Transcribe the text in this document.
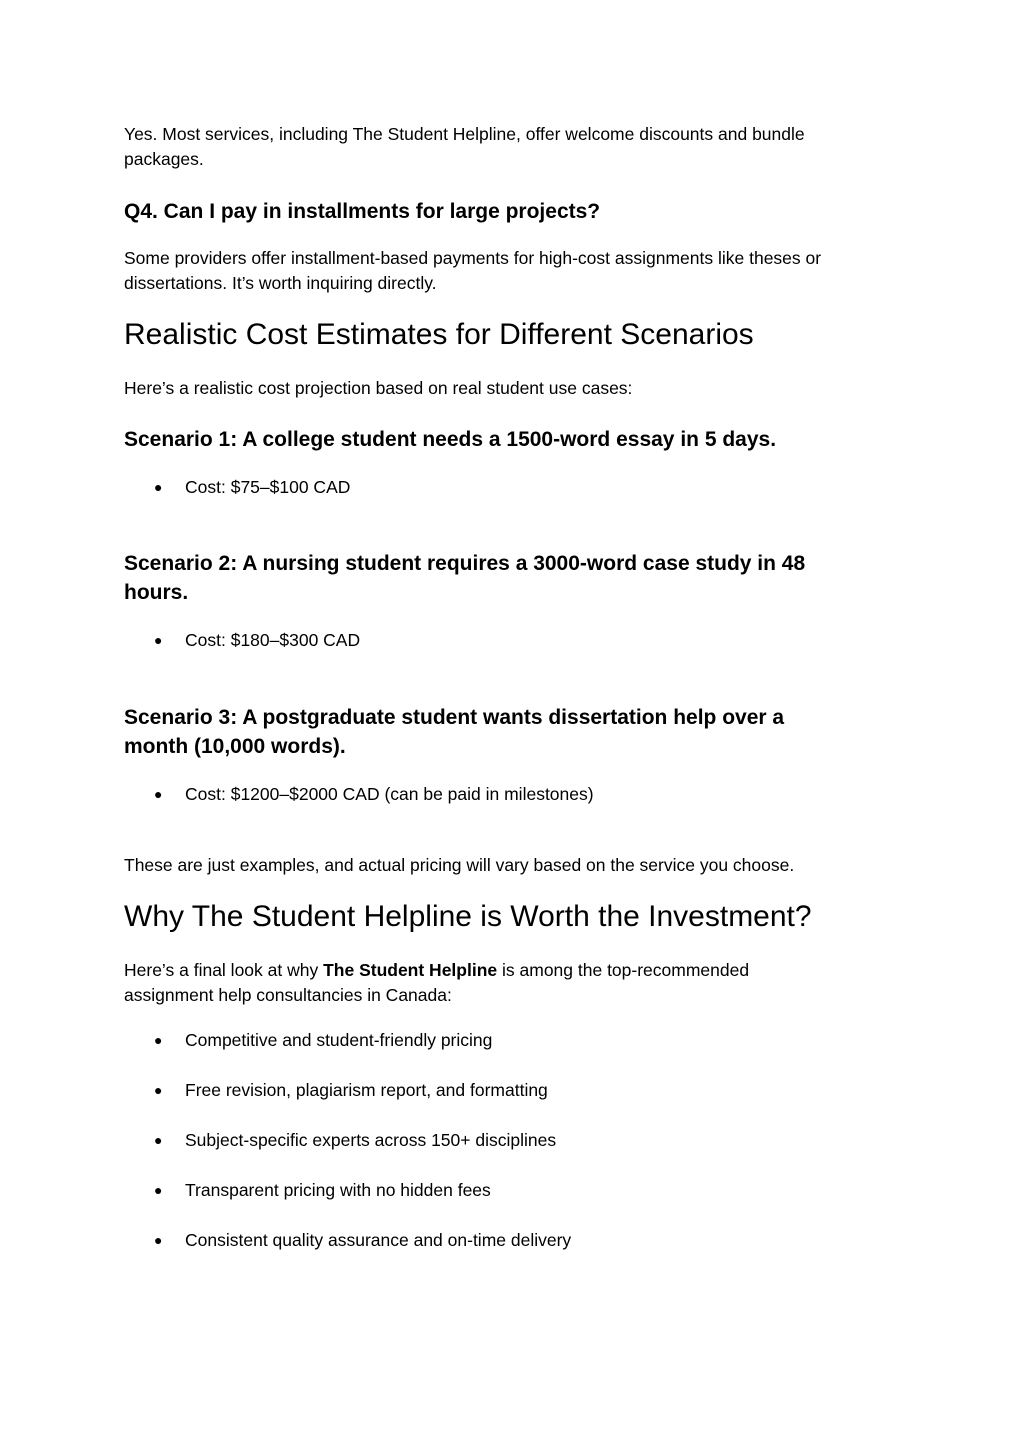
Yes. Most services, including The Student Helpline, offer welcome discounts and bundle

packages.

Q4. Can I pay in installments for large projects?

Some providers offer installment-based payments for high-cost assignments like theses or

dissertations. It’s worth inquiring directly.

Realistic Cost Estimates for Different Scenarios

Here’s a realistic cost projection based on real student use cases:

Scenario 1: A college student needs a 1500-word essay in 5 days.
● Cost: $75–$100 CAD
Scenario 2: A nursing student requires a 3000-word case study in 48
hours.
● Cost: $180–$300 CAD
Scenario 3: A postgraduate student wants dissertation help over a
month (10,000 words).
● Cost: $1200–$2000 CAD (can be paid in milestones)

These are just examples, and actual pricing will vary based on the service you choose.

Why The Student Helpline is Worth the Investment?

Here’s a final look at why The Student Helpline is among the top-recommended

assignment help consultancies in Canada:

● Competitive and student-friendly pricing
● Free revision, plagiarism report, and formatting
● Subject-specific experts across 150+ disciplines
● Transparent pricing with no hidden fees
● Consistent quality assurance and on-time delivery
